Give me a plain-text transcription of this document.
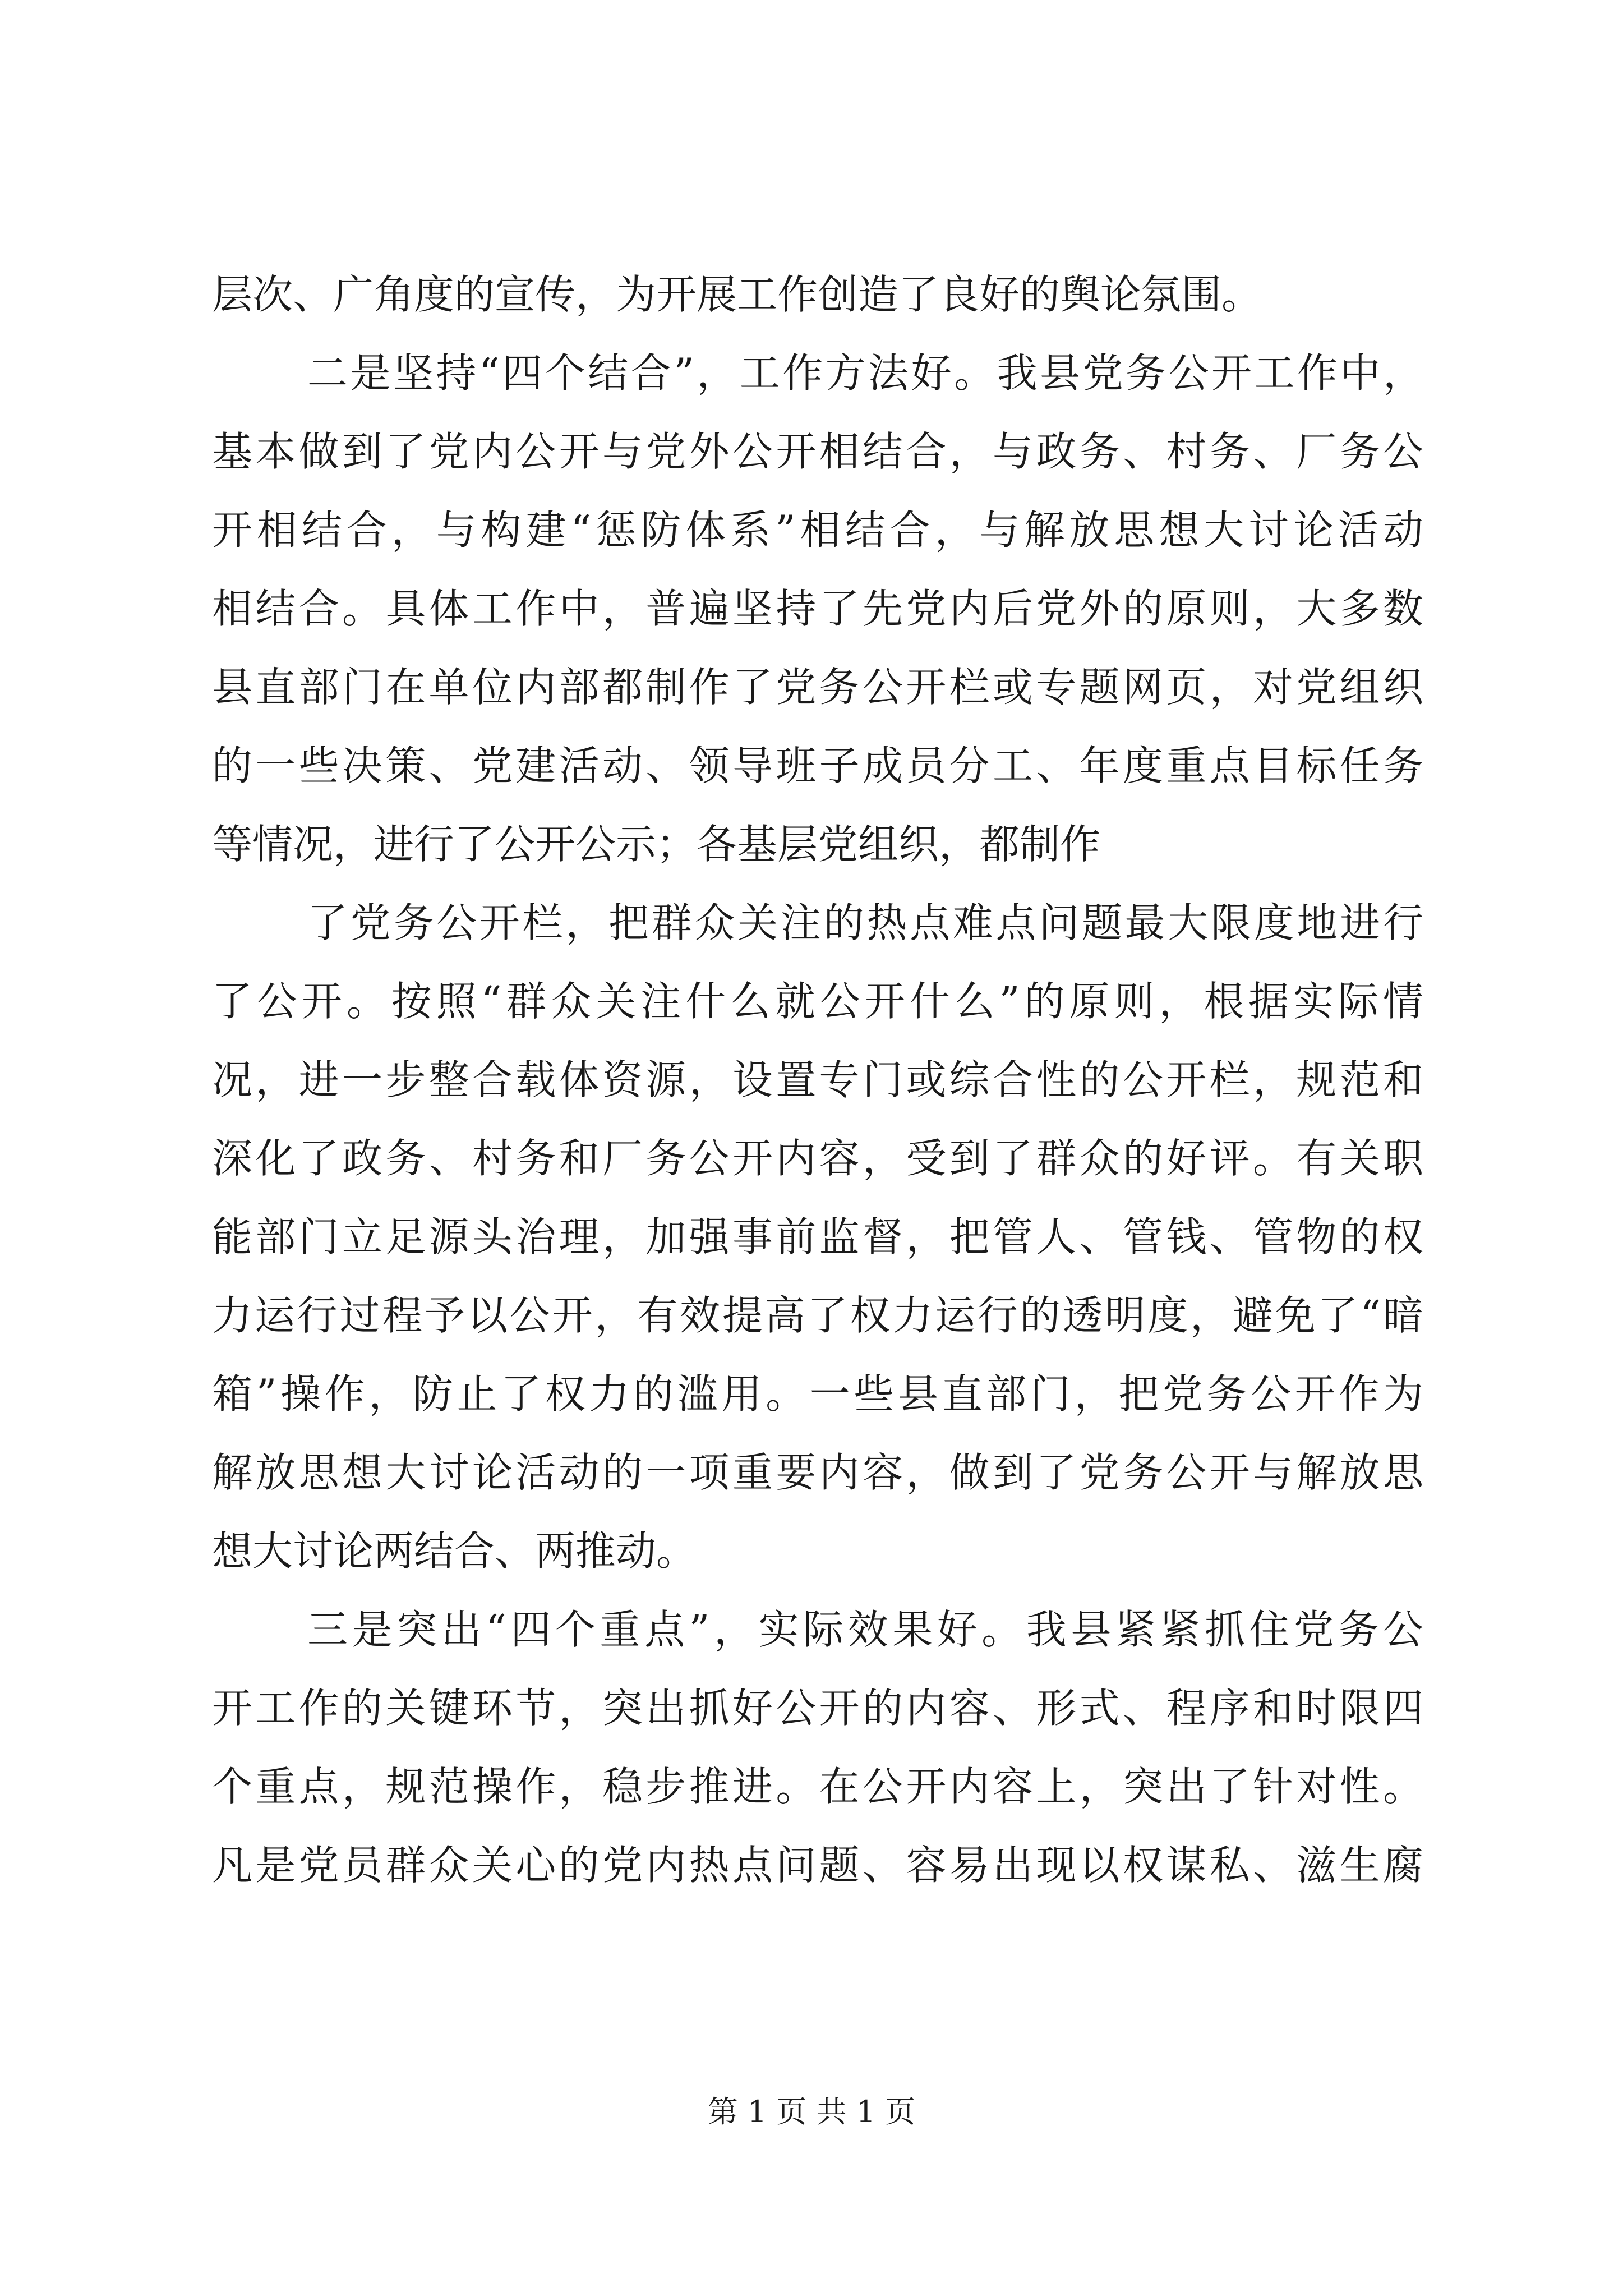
层次、广角度的宣传，为开展工作创造了良好的舆论氛围。
二是坚持“四个结合”，工作方法好。我县党务公开工作中，
基本做到了党内公开与党外公开相结合，与政务、村务、厂务公
开相结合，与构建“惩防体系”相结合，与解放思想大讨论活动
相结合。具体工作中，普遍坚持了先党内后党外的原则，大多数
县直部门在单位内部都制作了党务公开栏或专题网页，对党组织
的一些决策、党建活动、领导班子成员分工、年度重点目标任务
等情况，进行了公开公示；各基层党组织，都制作
了党务公开栏，把群众关注的热点难点问题最大限度地进行
了公开。按照“群众关注什么就公开什么”的原则，根据实际情
况，进一步整合载体资源，设置专门或综合性的公开栏，规范和
深化了政务、村务和厂务公开内容，受到了群众的好评。有关职
能部门立足源头治理，加强事前监督，把管人、管钱、管物的权
力运行过程予以公开，有效提高了权力运行的透明度，避免了“暗
箱”操作，防止了权力的滥用。一些县直部门，把党务公开作为
解放思想大讨论活动的一项重要内容，做到了党务公开与解放思
想大讨论两结合、两推动。
三是突出“四个重点”，实际效果好。我县紧紧抓住党务公
开工作的关键环节，突出抓好公开的内容、形式、程序和时限四
个重点，规范操作，稳步推进。在公开内容上，突出了针对性。
凡是党员群众关心的党内热点问题、容易出现以权谋私、滋生腐
第 1 页 共 1 页
